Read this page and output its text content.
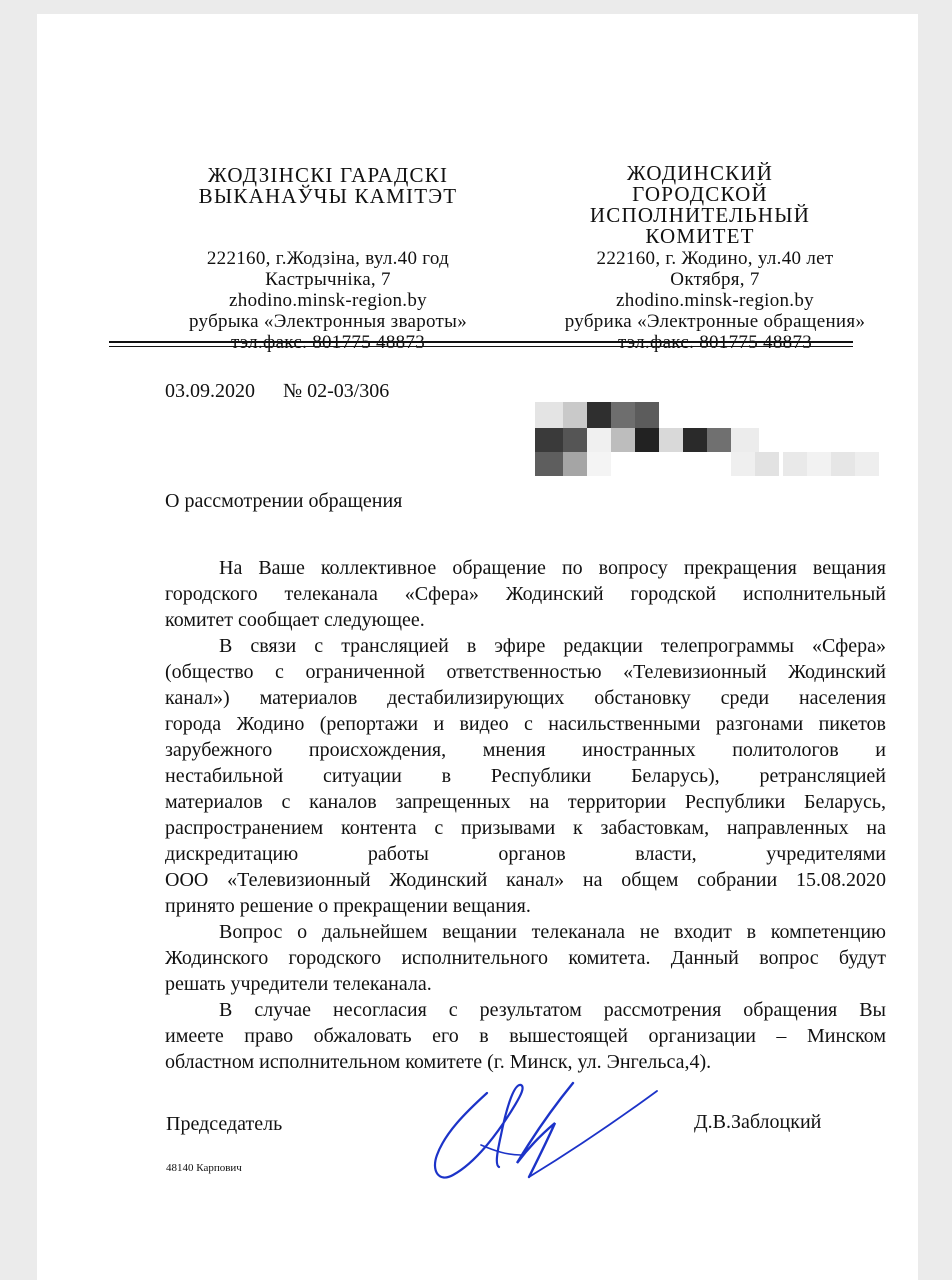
ЖОДЗІНСКІ ГАРАДСКІ
ВЫКАНАЎЧЫ КАМІТЭТ
222160, г.Жодзіна, вул.40 год
Кастрычніка, 7
zhodino.minsk-region.by
рубрыка «Электронныя звароты»
ЖОДИНСКИЙ
ГОРОДСКОЙ
ИСПОЛНИТЕЛЬНЫЙ
КОМИТЕТ
222160, г. Жодино, ул.40 лет
Октября, 7
zhodino.minsk-region.by
рубрика «Электронные обращения»
03.09.2020 № 02-03/306
О рассмотрении обращения
На Ваше коллективное обращение по вопросу прекращения вещания
городского телеканала «Сфера» Жодинский городской исполнительный
комитет сообщает следующее.
В связи с трансляцией в эфире редакции телепрограммы «Сфера»
(общество с ограниченной ответственностью «Телевизионный Жодинский
канал») материалов дестабилизирующих обстановку среди населения
города Жодино (репортажи и видео с насильственными разгонами пикетов
зарубежного происхождения, мнения иностранных политологов и
нестабильной ситуации в Республики Беларусь), ретрансляцией
материалов с каналов запрещенных на территории Республики Беларусь,
распространением контента с призывами к забастовкам, направленных на
дискредитацию работы органов власти, учредителями
ООО «Телевизионный Жодинский канал» на общем собрании 15.08.2020
принято решение о прекращении вещания.
Вопрос о дальнейшем вещании телеканала не входит в компетенцию
Жодинского городского исполнительного комитета. Данный вопрос будут
решать учредители телеканала.
В случае несогласия с результатом рассмотрения обращения Вы
имеете право обжаловать его в вышестоящей организации – Минском
областном исполнительном комитете (г. Минск, ул. Энгельса,4).
Председатель	Д.В.Заблоцкий
48140 Карпович
